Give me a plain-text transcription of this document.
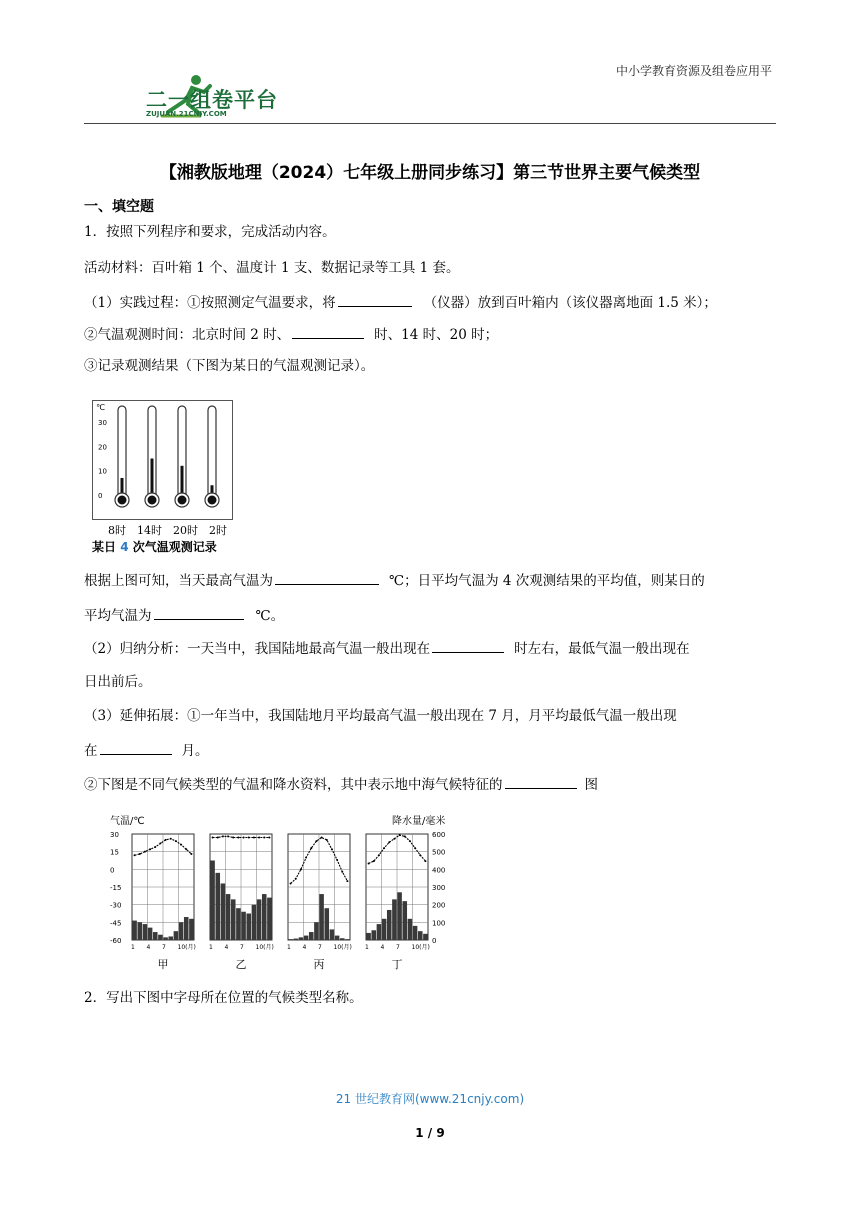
中小学教育资源及组卷应用平
二一组卷平台
ZUJUAN.21CNJY.COM
【湘教版地理（2024）七年级上册同步练习】第三节世界主要气候类型
一、填空题
1．按照下列程序和要求，完成活动内容。
活动材料：百叶箱 1 个、温度计 1 支、数据记录等工具 1 套。
（1）实践过程：①按照测定气温要求，将	（仪器）放到百叶箱内（该仪器离地面 1.5 米）；
②气温观测时间：北京时间 2 时、	时、14 时、20 时；
③记录观测结果（下图为某日的气温观测记录）。
℃
30
20
10
0
8时 14时 20时 2时
某日 4 次气温观测记录
根据上图可知，当天最高气温为	℃；日平均气温为 4 次观测结果的平均值，则某日的
平均气温为	℃。
（2）归纳分析：一天当中，我国陆地最高气温一般出现在	时左右，最低气温一般出现在
日出前后。
（3）延伸拓展：①一年当中，我国陆地月平均最高气温一般出现在 7 月，月平均最低气温一般出现
在	月。
②下图是不同气候类型的气温和降水资料，其中表示地中海气候特征的	图
气温/℃	降水量/毫米
30
15
0
-15
-30
-45
-60
600
500
400
300
200
100
0
1 4 7 10(月)
甲
1 4 7 10(月)
乙
1 4 7 10(月)
丙
1 4 7 10(月)
丁
2．写出下图中字母所在位置的气候类型名称。
21 世纪教育网(www.21cnjy.com)
1 / 9
